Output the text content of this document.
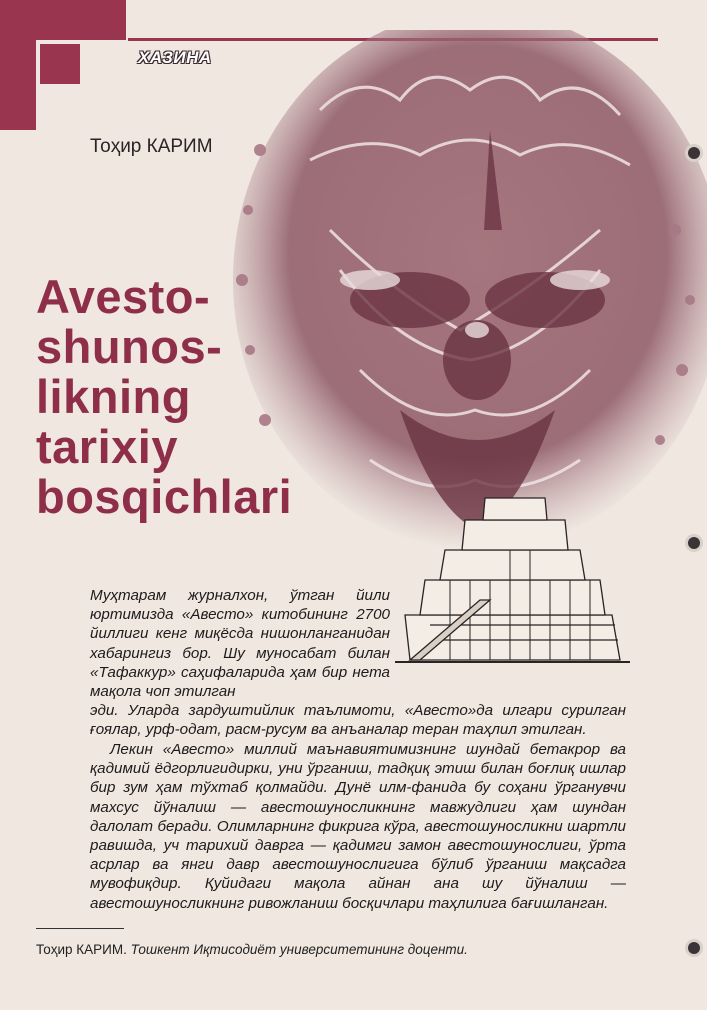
ХАЗИНА
Тоҳир КАРИМ
Avesto-
shunos-
likning
tarixiy
bosqichlari
Муҳтарам журналхон, ўтган йили юртимизда «Авесто» китобининг 2700 йиллиги кенг миқёсда нишонланганидан хабарингиз бор. Шу муносабат билан «Тафаккур» саҳифаларида ҳам бир нета мақола чоп этилган
эди. Уларда зардуштийлик таълимоти, «Авесто»да илгари сурилган ғоялар, урф-одат, расм-русум ва анъаналар теран таҳлил этилган.
Лекин «Авесто» миллий маънавиятимизнинг шундай бетакрор ва қадимий ёдгорлигидирки, уни ўрганиш, тадқиқ этиш билан боғлиқ ишлар бир зум ҳам тўхтаб қолмайди. Дунё илм-фанида бу соҳани ўрганувчи махсус йўналиш — авестошуносликнинг мавжудлиги ҳам шундан далолат беради. Олимларнинг фикрига кўра, авестошуносликни шартли равишда, уч тарихий даврга — қадимги замон авестошунослиги, ўрта асрлар ва янги давр авестошунослигига бўлиб ўрганиш мақсадга мувофиқдир. Қуйидаги мақола айнан ана шу йўналиш — авестошуносликнинг ривожланиш босқичлари таҳлилига бағишланган.
Тоҳир КАРИМ. Тошкент Иқтисодиёт университетининг доценти.
